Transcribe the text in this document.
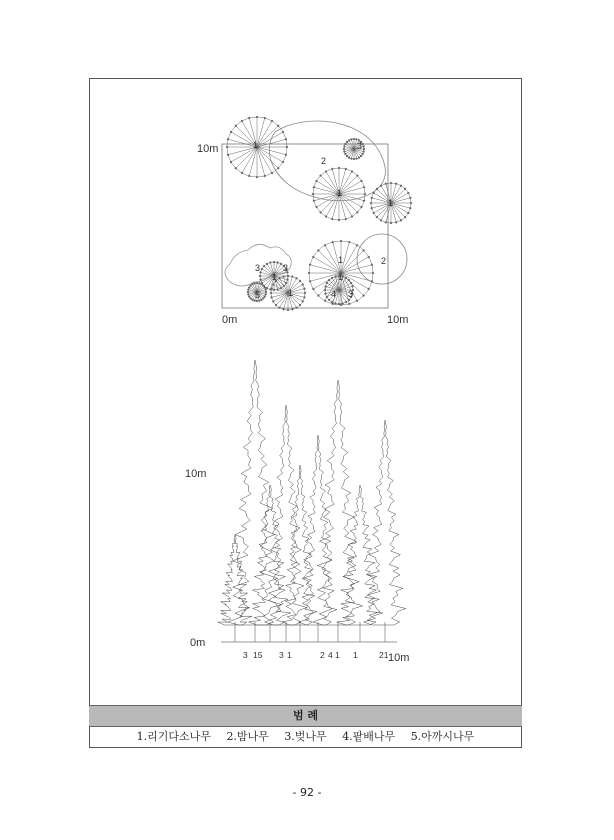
10m
0m	10m
2
2
3
3	3
3
4
5
1
1
1
1
1
1
1
10m
0m
10m
3 15 3 1	2 4 1 1	21
범 례
1.리기다소나무 2.밤나무 3.벚나무 4.팥배나무 5.아까시나무
- 92 -
